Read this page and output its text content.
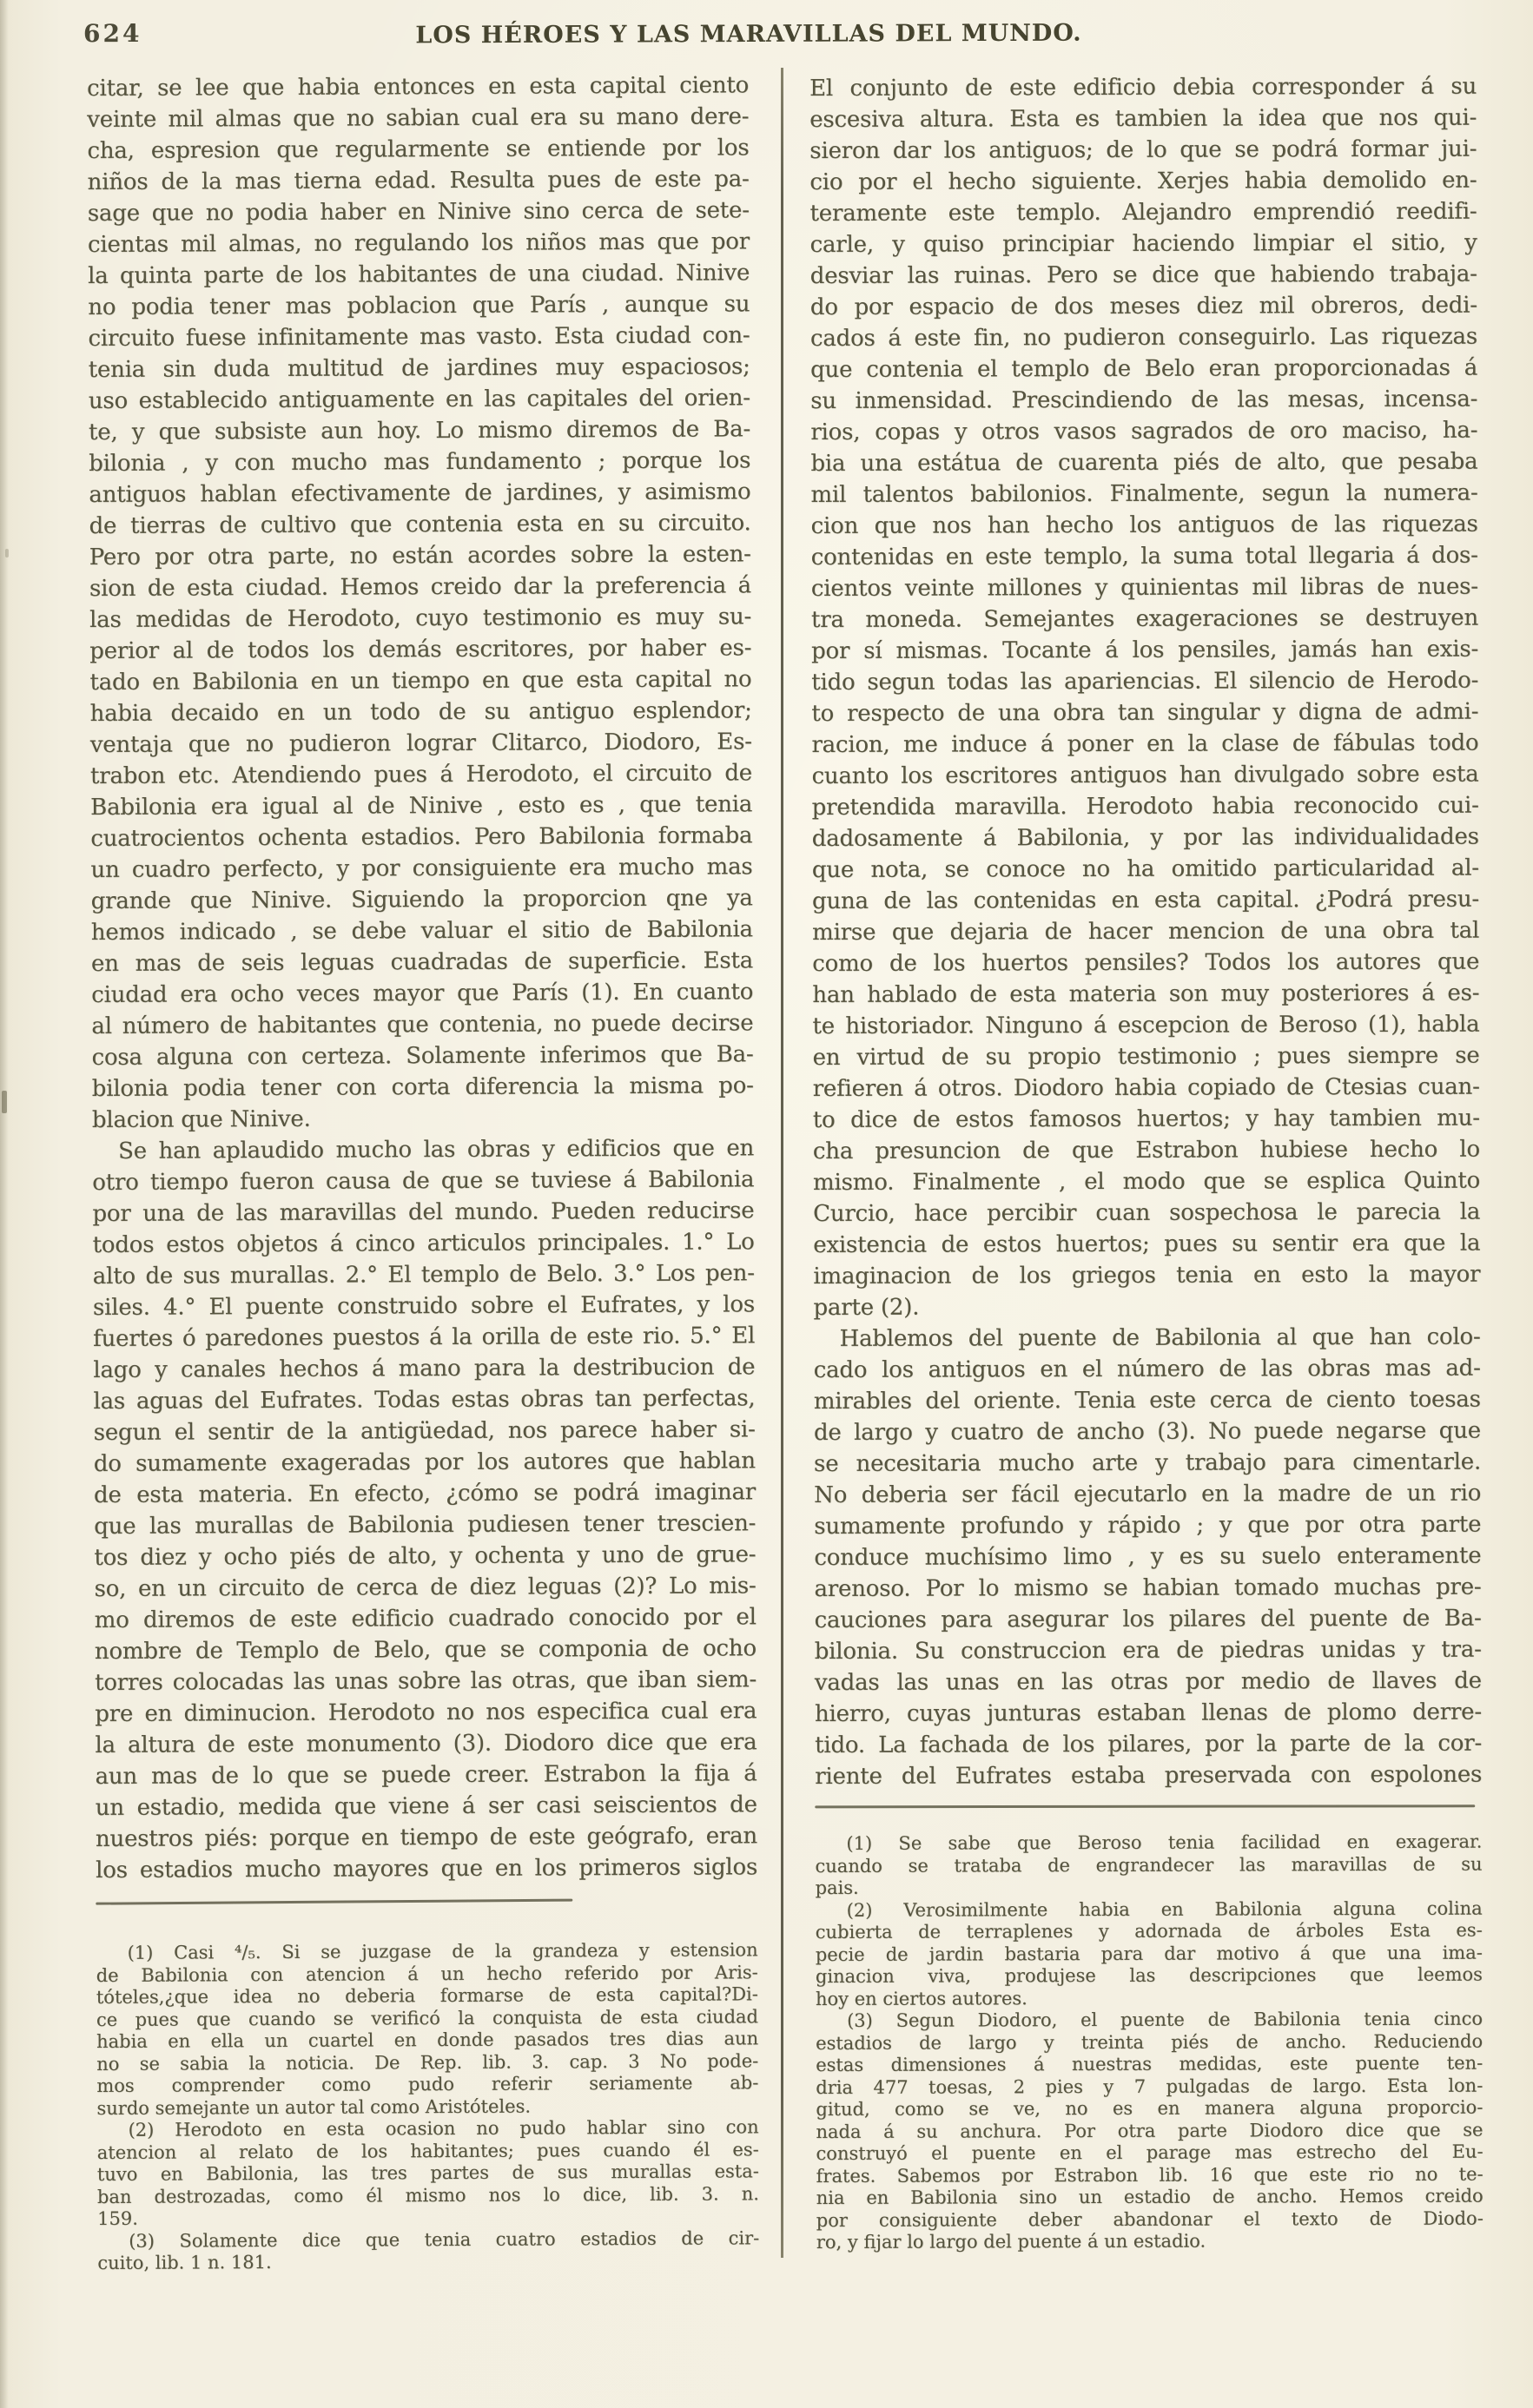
624	LOS HÉROES Y LAS MARAVILLAS DEL MUNDO.
citar, se lee que habia entonces en esta capital ciento
veinte mil almas que no sabian cual era su mano dere-
cha, espresion que regularmente se entiende por los
niños de la mas tierna edad. Resulta pues de este pa-
sage que no podia haber en Ninive sino cerca de sete-
cientas mil almas, no regulando los niños mas que por
la quinta parte de los habitantes de una ciudad. Ninive
no podia tener mas poblacion que París , aunque su
circuito fuese infinitamente mas vasto. Esta ciudad con-
tenia sin duda multitud de jardines muy espaciosos;
uso establecido antiguamente en las capitales del orien-
te, y que subsiste aun hoy. Lo mismo diremos de Ba-
bilonia , y con mucho mas fundamento ; porque los
antiguos hablan efectivamente de jardines, y asimismo
de tierras de cultivo que contenia esta en su circuito.
Pero por otra parte, no están acordes sobre la esten-
sion de esta ciudad. Hemos creido dar la preferencia á
las medidas de Herodoto, cuyo testimonio es muy su-
perior al de todos los demás escritores, por haber es-
tado en Babilonia en un tiempo en que esta capital no
habia decaido en un todo de su antiguo esplendor;
ventaja que no pudieron lograr Clitarco, Diodoro, Es-
trabon etc. Atendiendo pues á Herodoto, el circuito de
Babilonia era igual al de Ninive , esto es , que tenia
cuatrocientos ochenta estadios. Pero Babilonia formaba
un cuadro perfecto, y por consiguiente era mucho mas
grande que Ninive. Siguiendo la proporcion qne ya
hemos indicado , se debe valuar el sitio de Babilonia
en mas de seis leguas cuadradas de superficie. Esta
ciudad era ocho veces mayor que París (1). En cuanto
al número de habitantes que contenia, no puede decirse
cosa alguna con certeza. Solamente inferimos que Ba-
bilonia podia tener con corta diferencia la misma po-
blacion que Ninive.
Se han aplaudido mucho las obras y edificios que en
otro tiempo fueron causa de que se tuviese á Babilonia
por una de las maravillas del mundo. Pueden reducirse
todos estos objetos á cinco articulos principales. 1.° Lo
alto de sus murallas. 2.° El templo de Belo. 3.° Los pen-
siles. 4.° El puente construido sobre el Eufrates, y los
fuertes ó paredones puestos á la orilla de este rio. 5.° El
lago y canales hechos á mano para la destribucion de
las aguas del Eufrates. Todas estas obras tan perfectas,
segun el sentir de la antigüedad, nos parece haber si-
do sumamente exageradas por los autores que hablan
de esta materia. En efecto, ¿cómo se podrá imaginar
que las murallas de Babilonia pudiesen tener trescien-
tos diez y ocho piés de alto, y ochenta y uno de grue-
so, en un circuito de cerca de diez leguas (2)? Lo mis-
mo diremos de este edificio cuadrado conocido por el
nombre de Templo de Belo, que se componia de ocho
torres colocadas las unas sobre las otras, que iban siem-
pre en diminucion. Herodoto no nos especifica cual era
la altura de este monumento (3). Diodoro dice que era
aun mas de lo que se puede creer. Estrabon la fija á
un estadio, medida que viene á ser casi seiscientos de
nuestros piés: porque en tiempo de este geógrafo, eran
los estadios mucho mayores que en los primeros siglos
(1) Casi ⁴/₅. Si se juzgase de la grandeza y estension
de Babilonia con atencion á un hecho referido por Aris-
tóteles,¿que idea no deberia formarse de esta capital?Di-
ce pues que cuando se verificó la conquista de esta ciudad
habia en ella un cuartel en donde pasados tres dias aun
no se sabia la noticia. De Rep. lib. 3. cap. 3 No pode-
mos comprender como pudo referir seriamente ab-
surdo semejante un autor tal como Aristóteles.
(2) Herodoto en esta ocasion no pudo hablar sino con
atencion al relato de los habitantes; pues cuando él es-
tuvo en Babilonia, las tres partes de sus murallas esta-
ban destrozadas, como él mismo nos lo dice, lib. 3. n.
159.
(3) Solamente dice que tenia cuatro estadios de cir-
cuito, lib. 1 n. 181.
El conjunto de este edificio debia corresponder á su
escesiva altura. Esta es tambien la idea que nos qui-
sieron dar los antiguos; de lo que se podrá formar jui-
cio por el hecho siguiente. Xerjes habia demolido en-
teramente este templo. Alejandro emprendió reedifi-
carle, y quiso principiar haciendo limpiar el sitio, y
desviar las ruinas. Pero se dice que habiendo trabaja-
do por espacio de dos meses diez mil obreros, dedi-
cados á este fin, no pudieron conseguirlo. Las riquezas
que contenia el templo de Belo eran proporcionadas á
su inmensidad. Prescindiendo de las mesas, incensa-
rios, copas y otros vasos sagrados de oro maciso, ha-
bia una estátua de cuarenta piés de alto, que pesaba
mil talentos babilonios. Finalmente, segun la numera-
cion que nos han hecho los antiguos de las riquezas
contenidas en este templo, la suma total llegaria á dos-
cientos veinte millones y quinientas mil libras de nues-
tra moneda. Semejantes exageraciones se destruyen
por sí mismas. Tocante á los pensiles, jamás han exis-
tido segun todas las apariencias. El silencio de Herodo-
to respecto de una obra tan singular y digna de admi-
racion, me induce á poner en la clase de fábulas todo
cuanto los escritores antiguos han divulgado sobre esta
pretendida maravilla. Herodoto habia reconocido cui-
dadosamente á Babilonia, y por las individualidades
que nota, se conoce no ha omitido particularidad al-
guna de las contenidas en esta capital. ¿Podrá presu-
mirse que dejaria de hacer mencion de una obra tal
como de los huertos pensiles? Todos los autores que
han hablado de esta materia son muy posteriores á es-
te historiador. Ninguno á escepcion de Beroso (1), habla
en virtud de su propio testimonio ; pues siempre se
refieren á otros. Diodoro habia copiado de Ctesias cuan-
to dice de estos famosos huertos; y hay tambien mu-
cha presuncion de que Estrabon hubiese hecho lo
mismo. Finalmente , el modo que se esplica Quinto
Curcio, hace percibir cuan sospechosa le parecia la
existencia de estos huertos; pues su sentir era que la
imaginacion de los griegos tenia en esto la mayor
parte (2).
Hablemos del puente de Babilonia al que han colo-
cado los antiguos en el número de las obras mas ad-
mirables del oriente. Tenia este cerca de ciento toesas
de largo y cuatro de ancho (3). No puede negarse que
se necesitaria mucho arte y trabajo para cimentarle.
No deberia ser fácil ejecutarlo en la madre de un rio
sumamente profundo y rápido ; y que por otra parte
conduce muchísimo limo , y es su suelo enteramente
arenoso. Por lo mismo se habian tomado muchas pre-
cauciones para asegurar los pilares del puente de Ba-
bilonia. Su construccion era de piedras unidas y tra-
vadas las unas en las otras por medio de llaves de
hierro, cuyas junturas estaban llenas de plomo derre-
tido. La fachada de los pilares, por la parte de la cor-
riente del Eufrates estaba preservada con espolones
(1) Se sabe que Beroso tenia facilidad en exagerar.
cuando se trataba de engrandecer las maravillas de su
pais.
(2) Verosimilmente habia en Babilonia alguna colina
cubierta de terraplenes y adornada de árboles Esta es-
pecie de jardin bastaria para dar motivo á que una ima-
ginacion viva, produjese las descripciones que leemos
hoy en ciertos autores.
(3) Segun Diodoro, el puente de Babilonia tenia cinco
estadios de largo y treinta piés de ancho. Reduciendo
estas dimensiones á nuestras medidas, este puente ten-
dria 477 toesas, 2 pies y 7 pulgadas de largo. Esta lon-
gitud, como se ve, no es en manera alguna proporcio-
nada á su anchura. Por otra parte Diodoro dice que se
construyó el puente en el parage mas estrecho del Eu-
frates. Sabemos por Estrabon lib. 16 que este rio no te-
nia en Babilonia sino un estadio de ancho. Hemos creido
por consiguiente deber abandonar el texto de Diodo-
ro, y fijar lo largo del puente á un estadio.
